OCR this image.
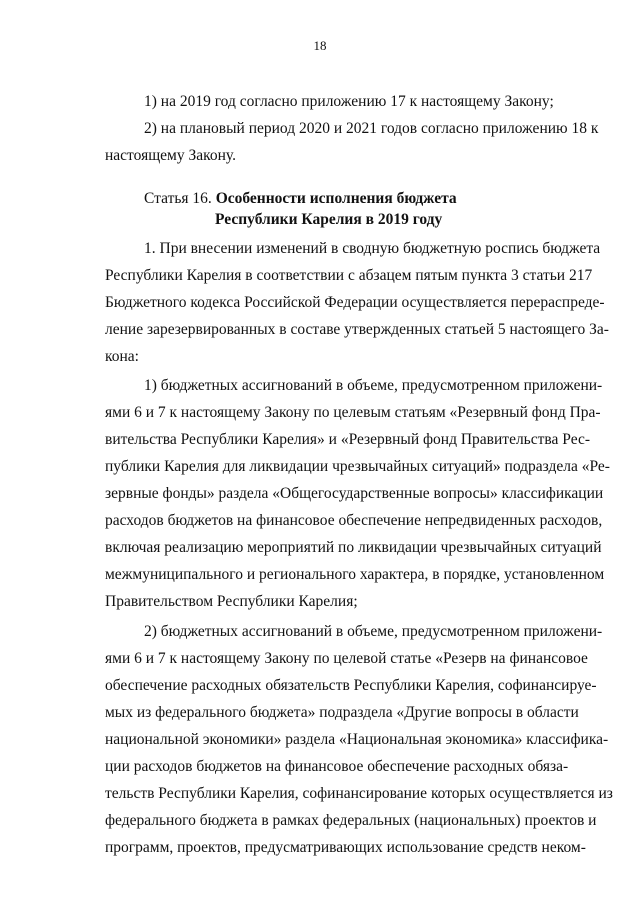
18
1) на 2019 год согласно приложению 17 к настоящему Закону;
2) на плановый период 2020 и 2021 годов согласно приложению 18 к
настоящему Закону.
Статья 16. Особенности исполнения бюджета
Республики Карелия в 2019 году
1. При внесении изменений в сводную бюджетную роспись бюджета
Республики Карелия в соответствии с абзацем пятым пункта 3 статьи 217
Бюджетного кодекса Российской Федерации осуществляется перераспреде-
ление зарезервированных в составе утвержденных статьей 5 настоящего За-
кона:
1) бюджетных ассигнований в объеме, предусмотренном приложени-
ями 6 и 7 к настоящему Закону по целевым статьям «Резервный фонд Пра-
вительства Республики Карелия» и «Резервный фонд Правительства Рес-
публики Карелия для ликвидации чрезвычайных ситуаций» подраздела «Ре-
зервные фонды» раздела «Общегосударственные вопросы» классификации
расходов бюджетов на финансовое обеспечение непредвиденных расходов,
включая реализацию мероприятий по ликвидации чрезвычайных ситуаций
межмуниципального и регионального характера, в порядке, установленном
Правительством Республики Карелия;
2) бюджетных ассигнований в объеме, предусмотренном приложени-
ями 6 и 7 к настоящему Закону по целевой статье «Резерв на финансовое
обеспечение расходных обязательств Республики Карелия, софинансируе-
мых из федерального бюджета» подраздела «Другие вопросы в области
национальной экономики» раздела «Национальная экономика» классифика-
ции расходов бюджетов на финансовое обеспечение расходных обяза-
тельств Республики Карелия, софинансирование которых осуществляется из
федерального бюджета в рамках федеральных (национальных) проектов и
программ, проектов, предусматривающих использование средств неком-
